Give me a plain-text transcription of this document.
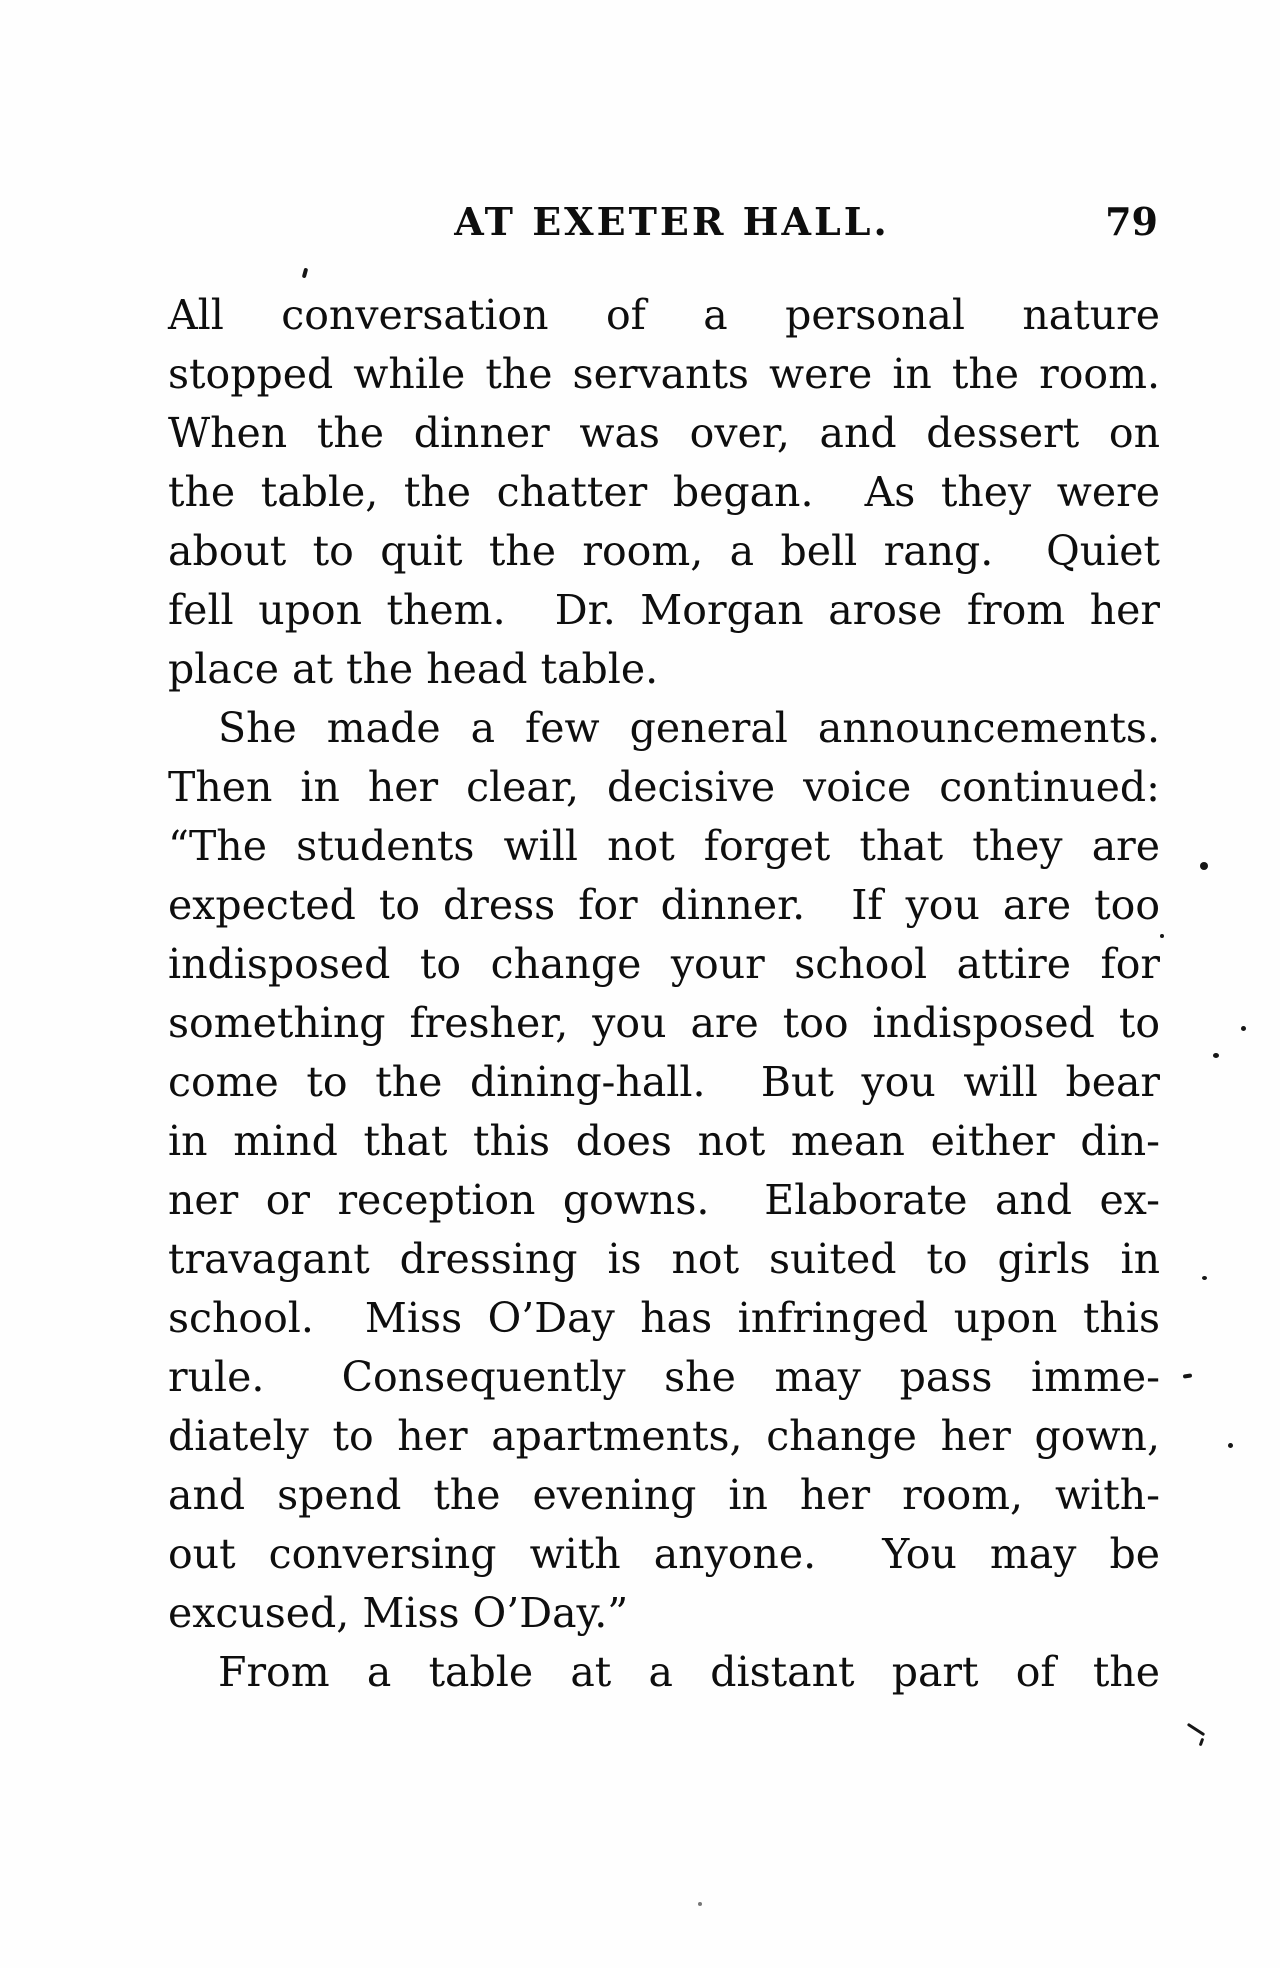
AT EXETER HALL.	79
All conversation of a personal nature
stopped while the servants were in the room.
When the dinner was over, and dessert on
the table, the chatter began.  As they were
about to quit the room, a bell rang.  Quiet
fell upon them.  Dr. Morgan arose from her
place at the head table.
She made a few general announcements.
Then in her clear, decisive voice continued:
“The students will not forget that they are
expected to dress for dinner.  If you are too
indisposed to change your school attire for
something fresher, you are too indisposed to
come to the dining-hall.  But you will bear
in mind that this does not mean either din-
ner or reception gowns.  Elaborate and ex-
travagant dressing is not suited to girls in
school.  Miss O’Day has infringed upon this
rule.  Consequently she may pass imme-
diately to her apartments, change her gown,
and spend the evening in her room, with-
out conversing with anyone.  You may be
excused, Miss O’Day.”
From a table at a distant part of the
